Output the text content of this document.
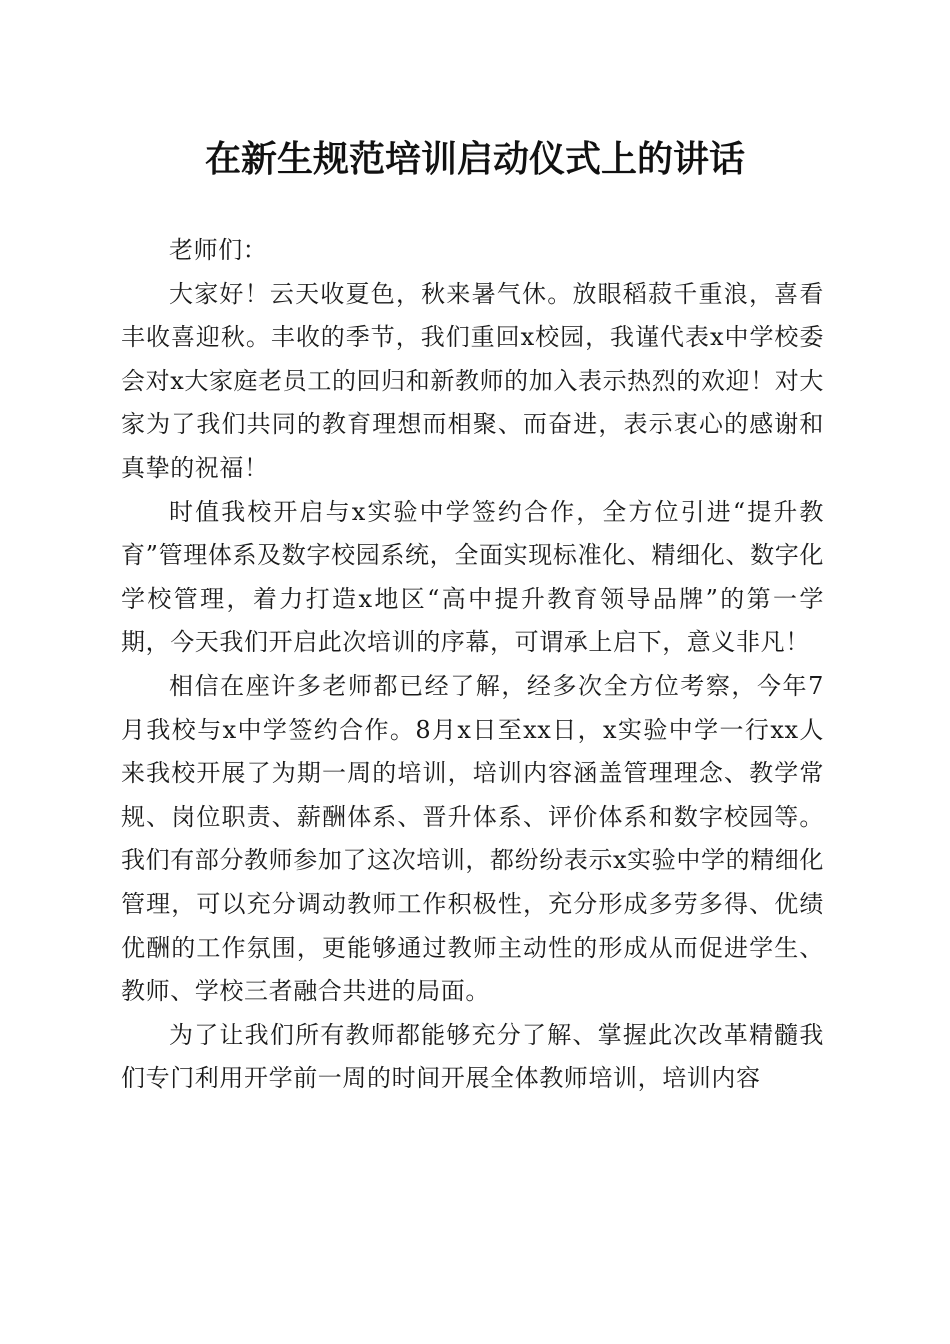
在新生规范培训启动仪式上的讲话

老师们：

大家好！云天收夏色，秋来暑气休。放眼稻菽千重浪，喜看丰收喜迎秋。丰收的季节，我们重回x校园，我谨代表x中学校委会对x大家庭老员工的回归和新教师的加入表示热烈的欢迎！对大家为了我们共同的教育理想而相聚、而奋进，表示衷心的感谢和真挚的祝福！

时值我校开启与x实验中学签约合作，全方位引进“提升教育”管理体系及数字校园系统，全面实现标准化、精细化、数字化学校管理，着力打造x地区“高中提升教育领导品牌”的第一学期，今天我们开启此次培训的序幕，可谓承上启下，意义非凡！

相信在座许多老师都已经了解，经多次全方位考察，今年7月我校与x中学签约合作。8月x日至xx日，x实验中学一行xx人来我校开展了为期一周的培训，培训内容涵盖管理理念、教学常规、岗位职责、薪酬体系、晋升体系、评价体系和数字校园等。我们有部分教师参加了这次培训，都纷纷表示x实验中学的精细化管理，可以充分调动教师工作积极性，充分形成多劳多得、优绩优酬的工作氛围，更能够通过教师主动性的形成从而促进学生、教师、学校三者融合共进的局面。

为了让我们所有教师都能够充分了解、掌握此次改革精髓我们专门利用开学前一周的时间开展全体教师培训，培训内容
